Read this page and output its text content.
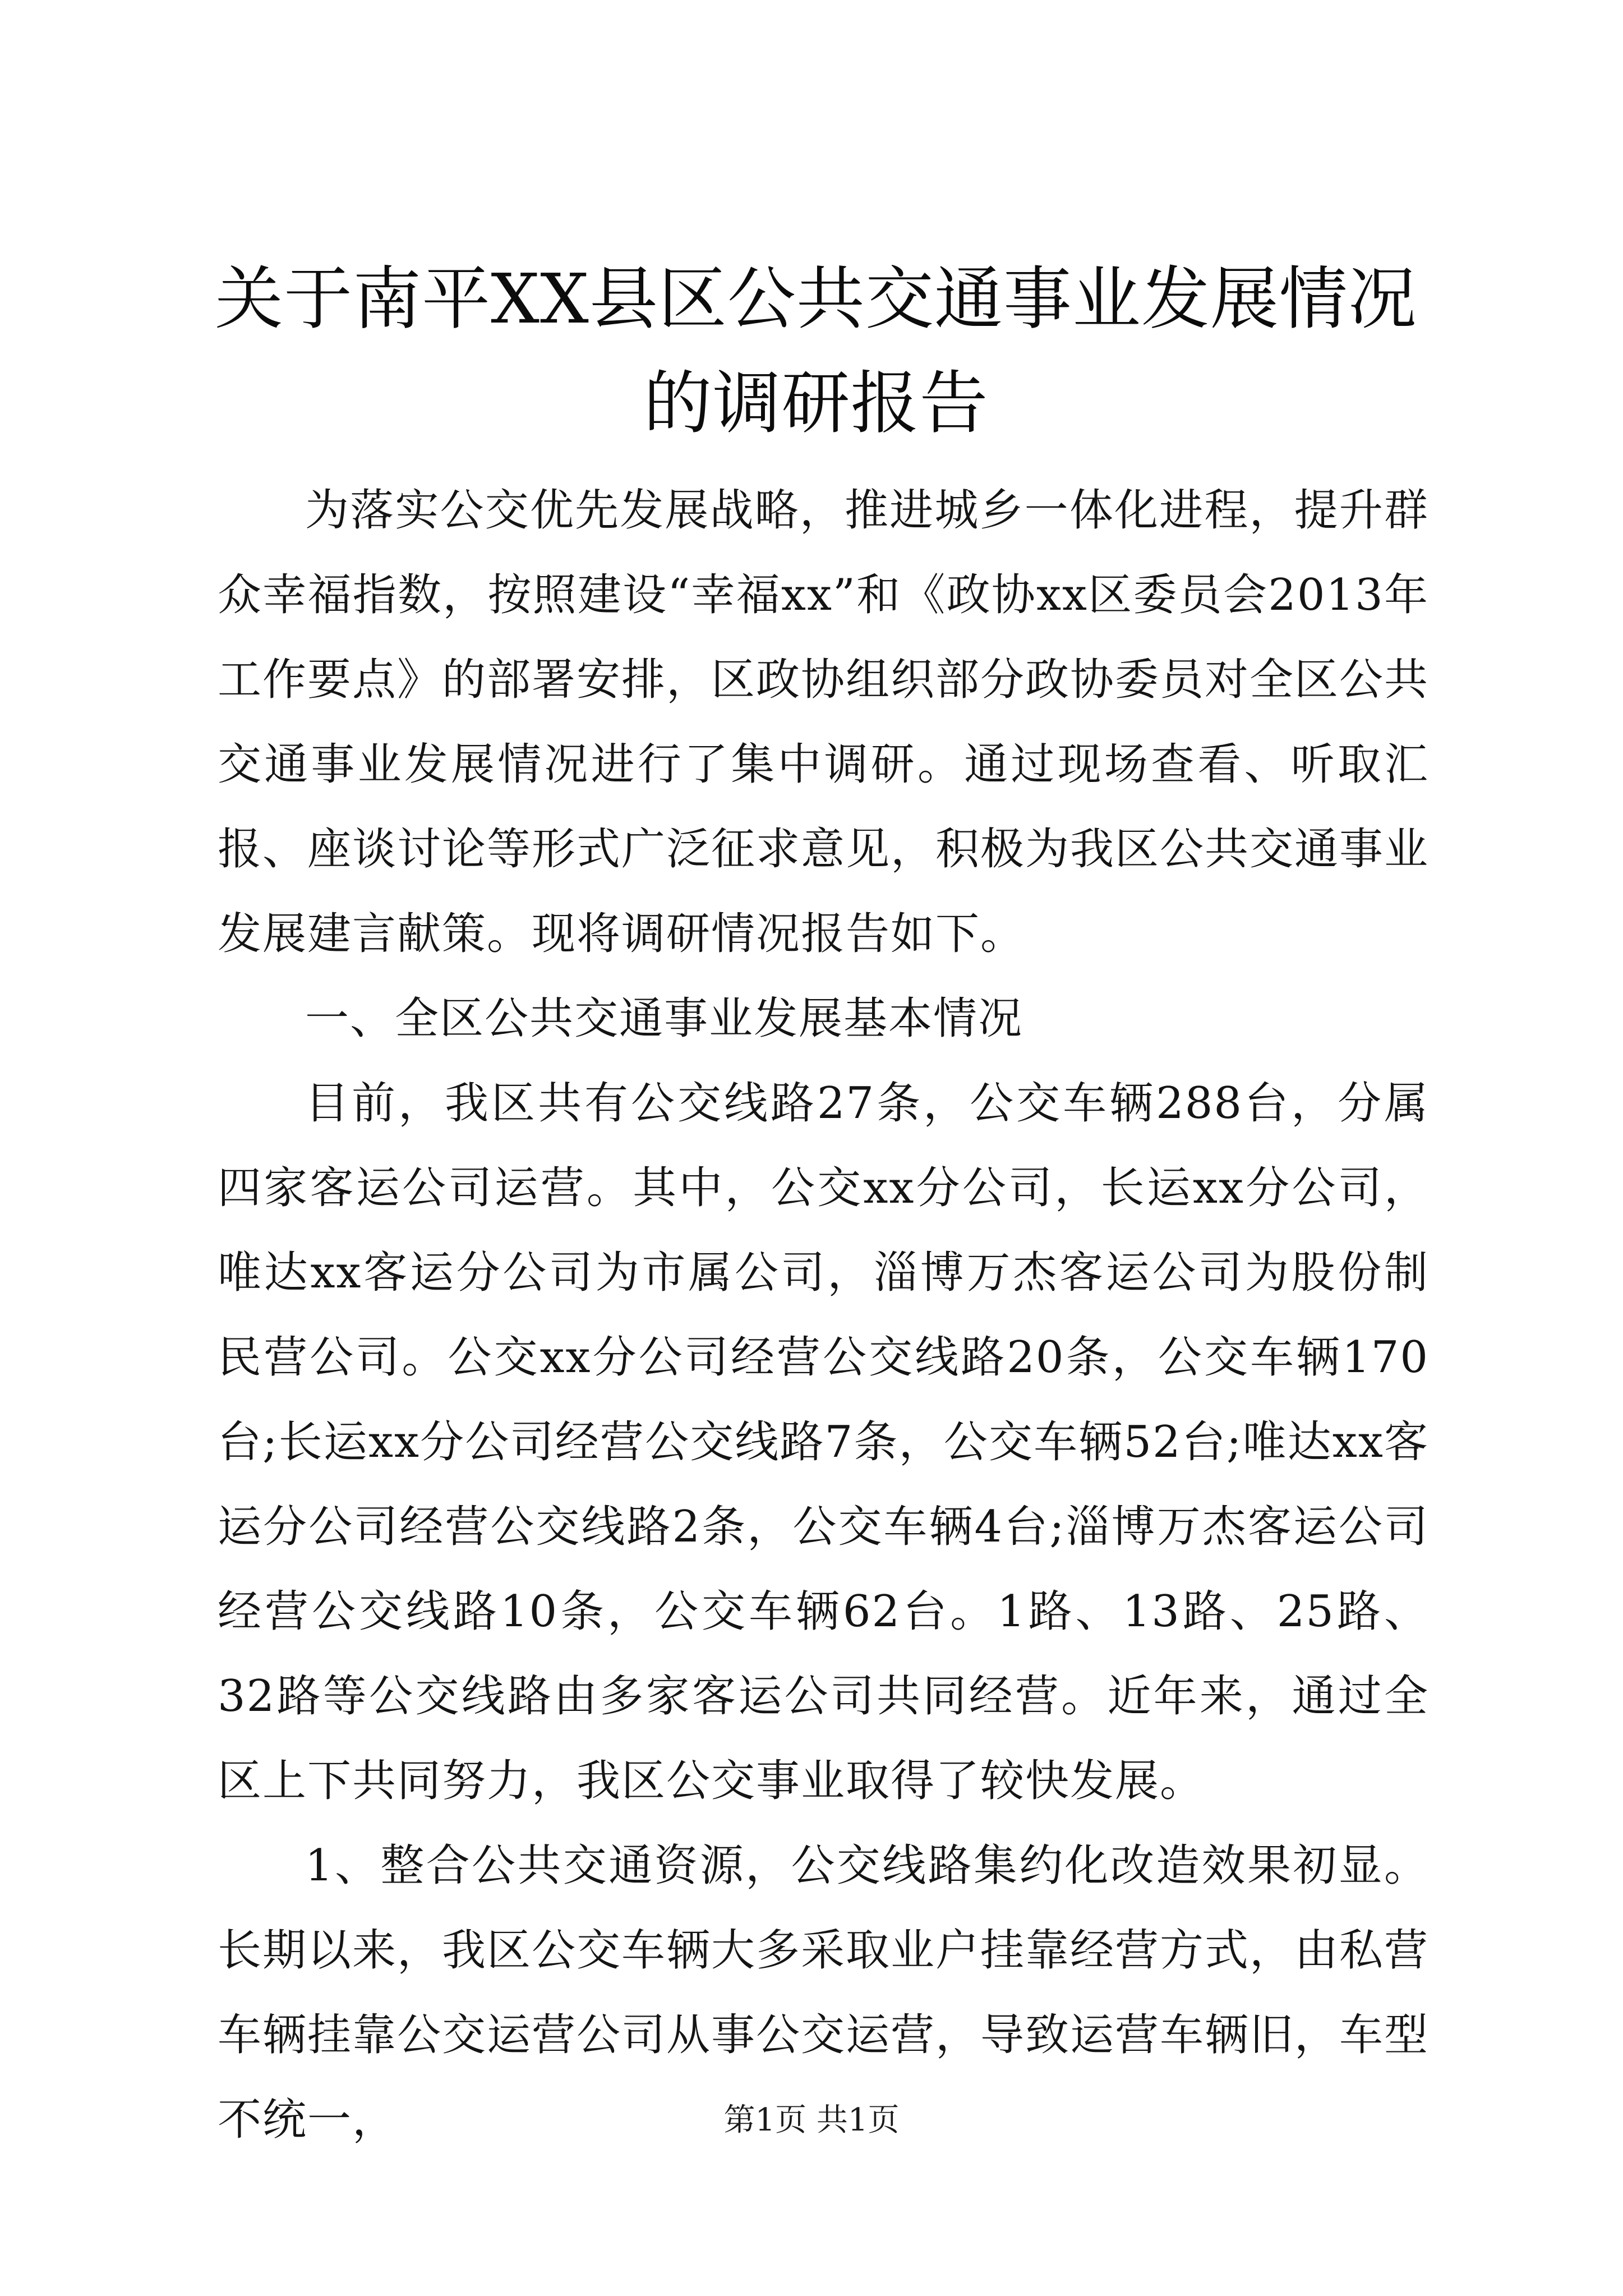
关于南平XX县区公共交通事业发展情况的调研报告

为落实公交优先发展战略，推进城乡一体化进程，提升群众幸福指数，按照建设“幸福xx”和《政协xx区委员会2013年工作要点》的部署安排，区政协组织部分政协委员对全区公共交通事业发展情况进行了集中调研。通过现场查看、听取汇报、座谈讨论等形式广泛征求意见，积极为我区公共交通事业发展建言献策。现将调研情况报告如下。

一、全区公共交通事业发展基本情况

目前，我区共有公交线路27条，公交车辆288台，分属四家客运公司运营。其中，公交xx分公司，长运xx分公司，唯达xx客运分公司为市属公司，淄博万杰客运公司为股份制民营公司。公交xx分公司经营公交线路20条，公交车辆170台;长运xx分公司经营公交线路7条，公交车辆52台;唯达xx客运分公司经营公交线路2条，公交车辆4台;淄博万杰客运公司经营公交线路10条，公交车辆62台。1路、13路、25路、32路等公交线路由多家客运公司共同经营。近年来，通过全区上下共同努力，我区公交事业取得了较快发展。

1、整合公共交通资源，公交线路集约化改造效果初显。长期以来，我区公交车辆大多采取业户挂靠经营方式，由私营车辆挂靠公交运营公司从事公交运营，导致运营车辆旧，车型不统一，	第1页 共1页
